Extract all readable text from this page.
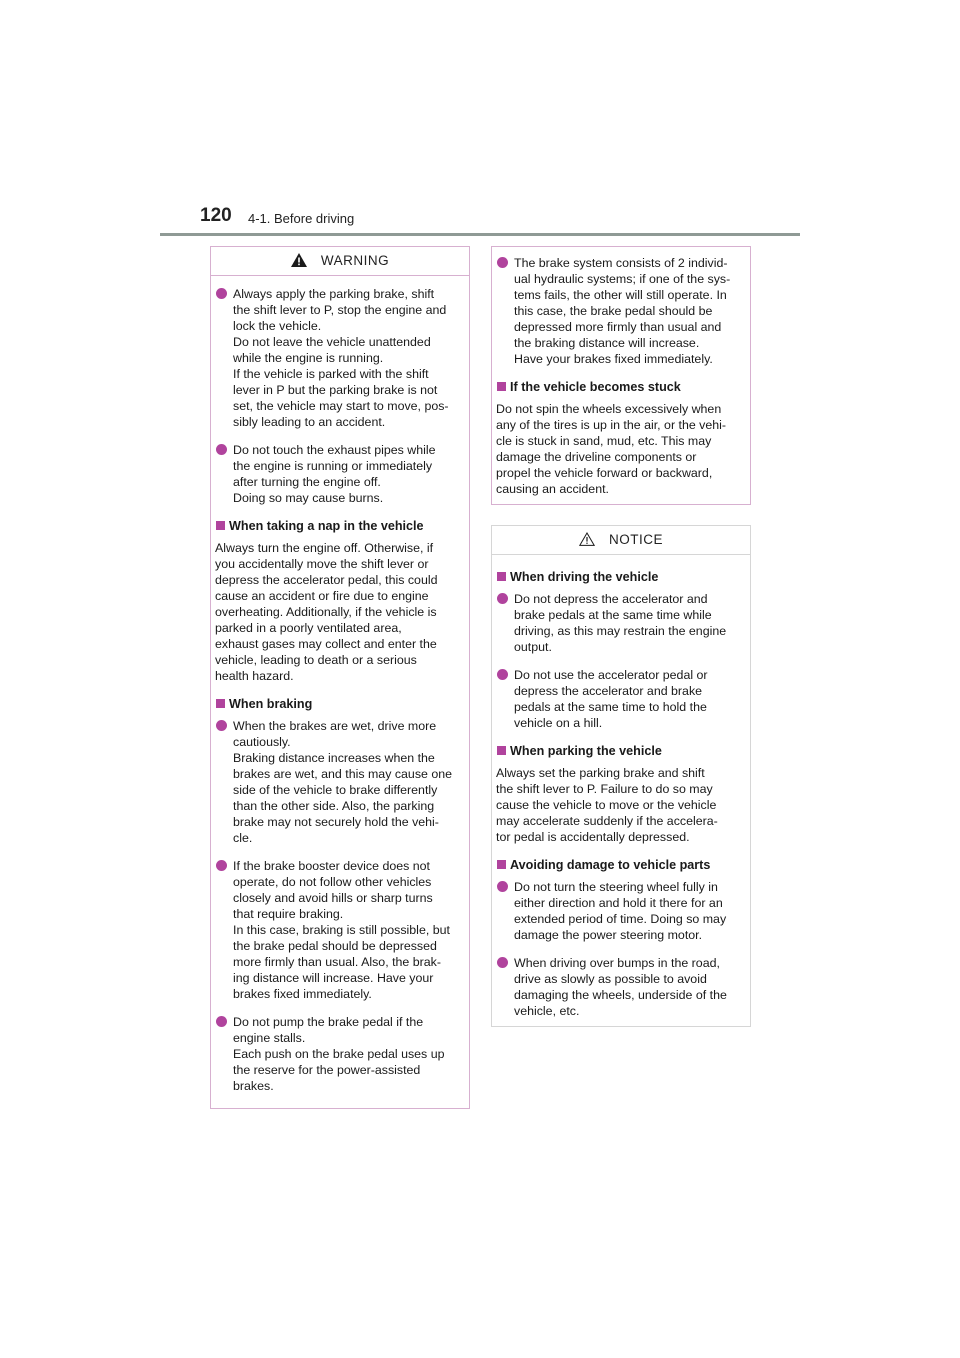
120 4-1. Before driving
WARNING

Always apply the parking brake, shift

the shift lever to P, stop the engine and

lock the vehicle.

Do not leave the vehicle unattended

while the engine is running.

If the vehicle is parked with the shift

lever in P but the parking brake is not

set, the vehicle may start to move, pos-

sibly leading to an accident.

Do not touch the exhaust pipes while

the engine is running or immediately

after turning the engine off.

Doing so may cause burns.

When taking a nap in the vehicle

Always turn the engine off. Otherwise, if

you accidentally move the shift lever or

depress the accelerator pedal, this could

cause an accident or fire due to engine

overheating. Additionally, if the vehicle is

parked in a poorly ventilated area,

exhaust gases may collect and enter the

vehicle, leading to death or a serious

health hazard.

When braking

When the brakes are wet, drive more

cautiously.

Braking distance increases when the

brakes are wet, and this may cause one

side of the vehicle to brake differently

than the other side. Also, the parking

brake may not securely hold the vehi-

cle.

If the brake booster device does not

operate, do not follow other vehicles

closely and avoid hills or sharp turns

that require braking.

In this case, braking is still possible, but

the brake pedal should be depressed

more firmly than usual. Also, the brak-

ing distance will increase. Have your

brakes fixed immediately.

Do not pump the brake pedal if the

engine stalls.

Each push on the brake pedal uses up

the reserve for the power-assisted

brakes.

The brake system consists of 2 individ-

ual hydraulic systems; if one of the sys-

tems fails, the other will still operate. In

this case, the brake pedal should be

depressed more firmly than usual and

the braking distance will increase.

Have your brakes fixed immediately.

If the vehicle becomes stuck

Do not spin the wheels excessively when

any of the tires is up in the air, or the vehi-

cle is stuck in sand, mud, etc. This may

damage the driveline components or

propel the vehicle forward or backward,

causing an accident.

NOTICE
When driving the vehicle

Do not depress the accelerator and

brake pedals at the same time while

driving, as this may restrain the engine

output.

Do not use the accelerator pedal or

depress the accelerator and brake

pedals at the same time to hold the

vehicle on a hill.

When parking the vehicle

Always set the parking brake and shift

the shift lever to P. Failure to do so may

cause the vehicle to move or the vehicle

may accelerate suddenly if the accelera-

tor pedal is accidentally depressed.

Avoiding damage to vehicle parts

Do not turn the steering wheel fully in

either direction and hold it there for an

extended period of time. Doing so may

damage the power steering motor.

When driving over bumps in the road,

drive as slowly as possible to avoid

damaging the wheels, underside of the

vehicle, etc.
